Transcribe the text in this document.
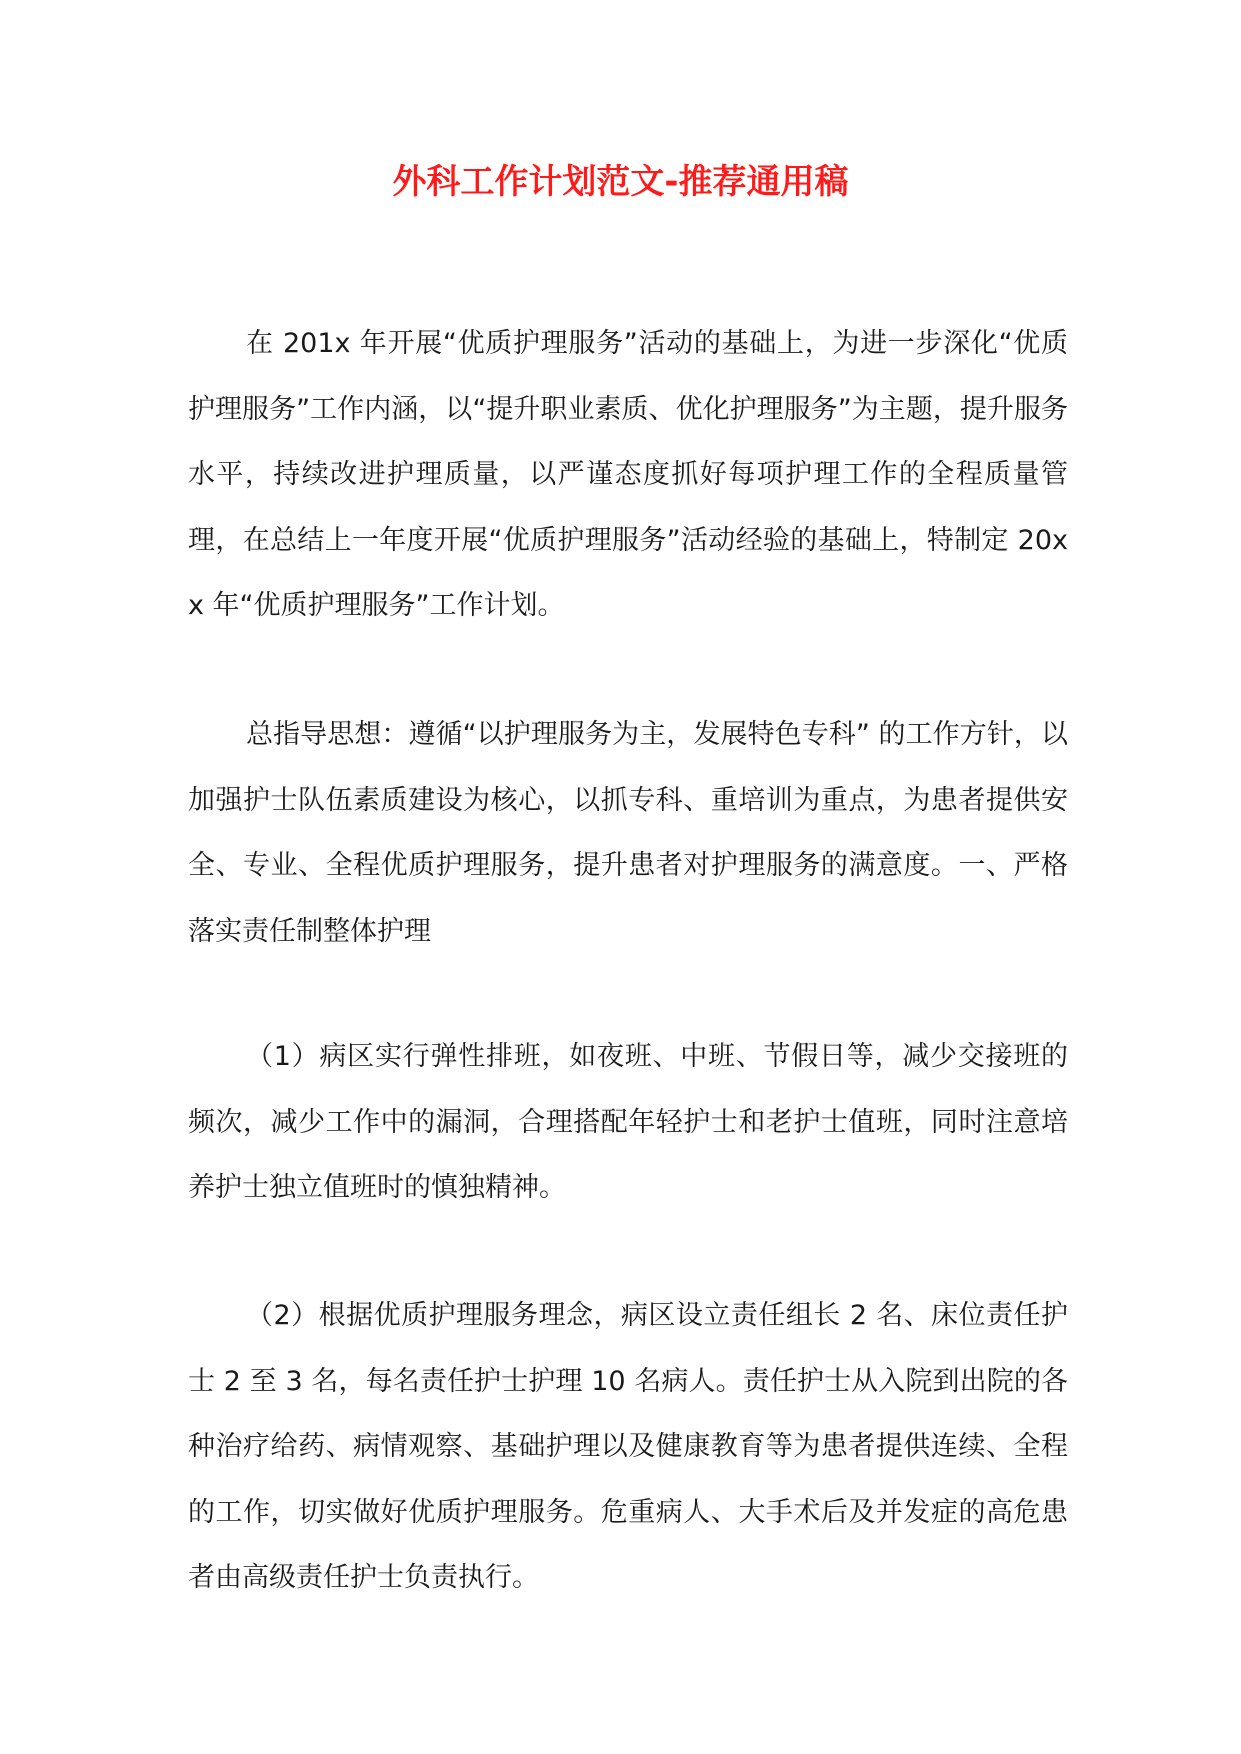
外科工作计划范文-推荐通用稿

在 201x 年开展“优质护理服务”活动的基础上，为进一步深化“优质护理服务”工作内涵，以“提升职业素质、优化护理服务”为主题，提升服务水平，持续改进护理质量，以严谨态度抓好每项护理工作的全程质量管理，在总结上一年度开展“优质护理服务”活动经验的基础上，特制定 20xx 年“优质护理服务”工作计划。

总指导思想：遵循“以护理服务为主，发展特色专科” 的工作方针，以加强护士队伍素质建设为核心，以抓专科、重培训为重点，为患者提供安全、专业、全程优质护理服务，提升患者对护理服务的满意度。一、严格落实责任制整体护理

（1）病区实行弹性排班，如夜班、中班、节假日等，减少交接班的频次，减少工作中的漏洞，合理搭配年轻护士和老护士值班，同时注意培养护士独立值班时的慎独精神。

（2）根据优质护理服务理念，病区设立责任组长 2 名、床位责任护士 2 至 3 名，每名责任护士护理 10 名病人。责任护士从入院到出院的各种治疗给药、病情观察、基础护理以及健康教育等为患者提供连续、全程的工作，切实做好优质护理服务。危重病人、大手术后及并发症的高危患者由高级责任护士负责执行。
